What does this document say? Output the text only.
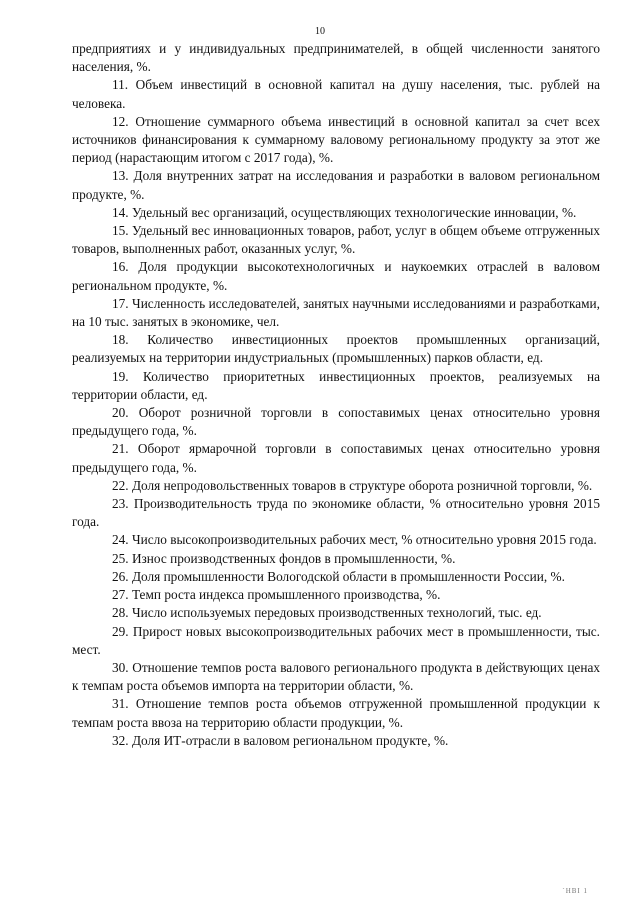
10

предприятиях и у индивидуальных предпринимателей, в общей численности занятого населения, %.

11. Объем инвестиций в основной капитал на душу населения, тыс. рублей на человека.

12. Отношение суммарного объема инвестиций в основной капитал за счет всех источников финансирования к суммарному валовому региональному продукту за этот же период (нарастающим итогом с 2017 года), %.

13. Доля внутренних затрат на исследования и разработки в валовом региональном продукте, %.

14. Удельный вес организаций, осуществляющих технологические инновации, %.

15. Удельный вес инновационных товаров, работ, услуг в общем объеме отгруженных товаров, выполненных работ, оказанных услуг, %.

16. Доля продукции высокотехнологичных и наукоемких отраслей в валовом региональном продукте, %.

17. Численность исследователей, занятых научными исследованиями и разработками, на 10 тыс. занятых в экономике, чел.

18. Количество инвестиционных проектов промышленных организаций, реализуемых на территории индустриальных (промышленных) парков области, ед.

19. Количество приоритетных инвестиционных проектов, реализуемых на территории области, ед.

20. Оборот розничной торговли в сопоставимых ценах относительно уровня предыдущего года, %.

21. Оборот ярмарочной торговли в сопоставимых ценах относительно уровня предыдущего года, %.

22. Доля непродовольственных товаров в структуре оборота розничной торговли, %.

23. Производительность труда по экономике области, % относительно уровня 2015 года.

24. Число высокопроизводительных рабочих мест, % относительно уровня 2015 года.

25. Износ производственных фондов в промышленности, %.

26. Доля промышленности Вологодской области в промышленности России, %.

27. Темп роста индекса промышленного производства, %.

28. Число используемых передовых производственных технологий, тыс. ед.

29. Прирост новых высокопроизводительных рабочих мест в промышленности, тыс. мест.

30. Отношение темпов роста валового регионального продукта в действующих ценах к темпам роста объемов импорта на территории области, %.

31. Отношение темпов роста объемов отгруженной промышленной продукции к темпам роста ввоза на территорию области продукции, %.

32. Доля ИТ-отрасли в валовом региональном продукте, %.

`HBI 1
